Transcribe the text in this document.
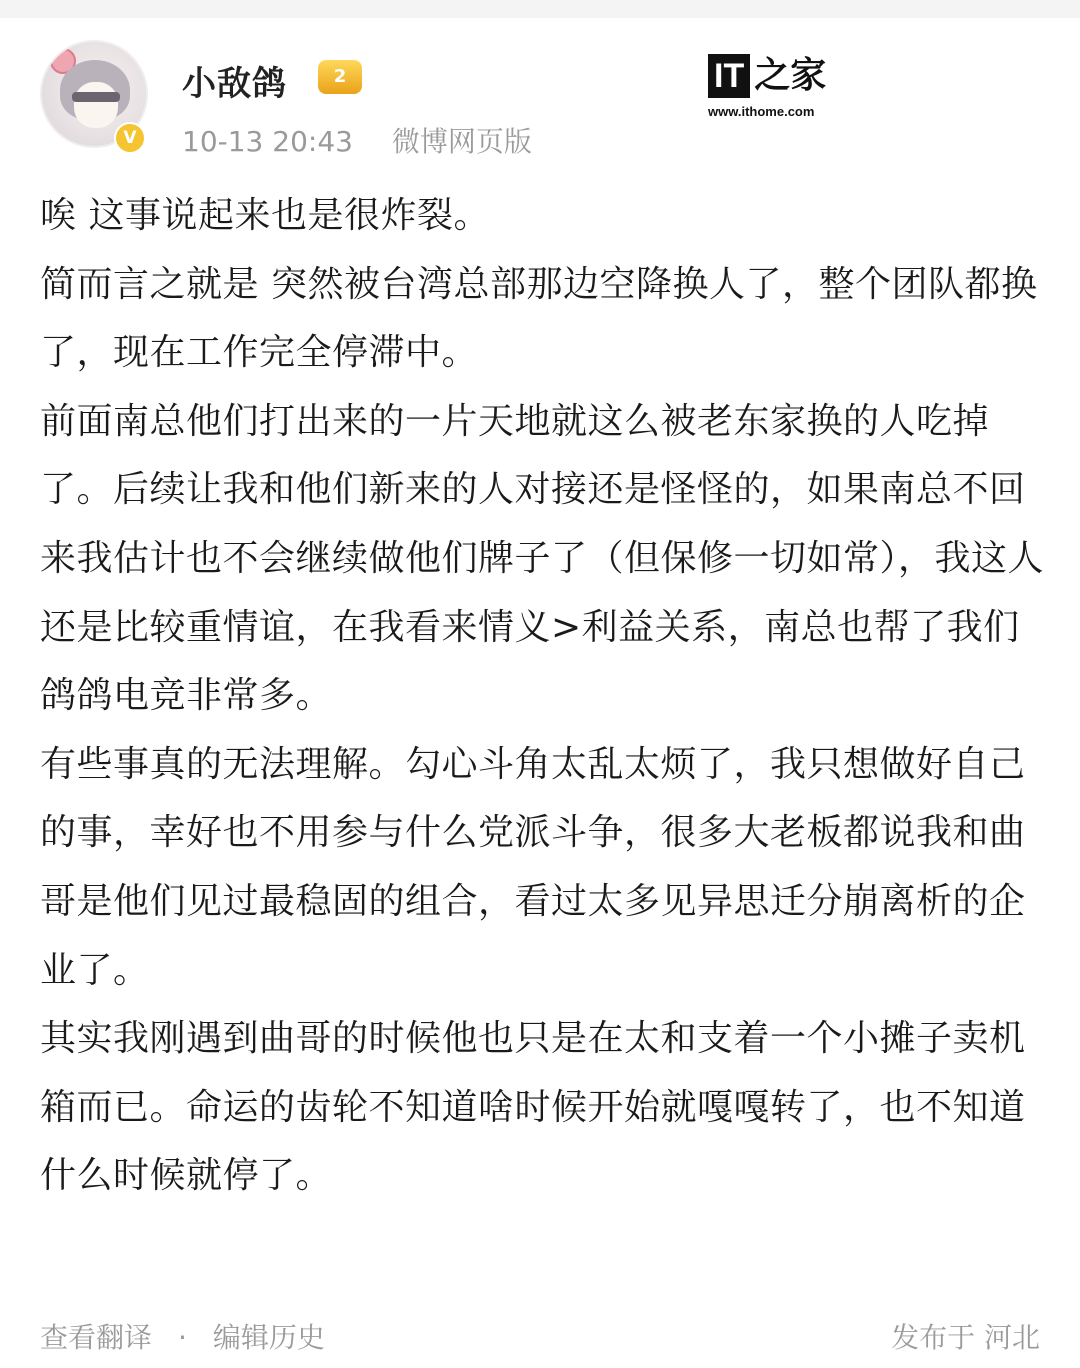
V
小敌鸽	2
10-13 20:43 微博网页版
IT 之家
www.ithome.com

唉 这事说起来也是很炸裂。

简而言之就是 突然被台湾总部那边空降换人了，整个团队都换了，现在工作完全停滞中。

前面南总他们打出来的一片天地就这么被老东家换的人吃掉了。后续让我和他们新来的人对接还是怪怪的，如果南总不回来我估计也不会继续做他们牌子了（但保修一切如常），我这人还是比较重情谊，在我看来情义>利益关系，南总也帮了我们鸽鸽电竞非常多。

有些事真的无法理解。勾心斗角太乱太烦了，我只想做好自己的事，幸好也不用参与什么党派斗争，很多大老板都说我和曲哥是他们见过最稳固的组合，看过太多见异思迁分崩离析的企业了。

其实我刚遇到曲哥的时候他也只是在太和支着一个小摊子卖机箱而已。命运的齿轮不知道啥时候开始就嘎嘎转了，也不知道什么时候就停了。

查看翻译 · 编辑历史	发布于 河北
